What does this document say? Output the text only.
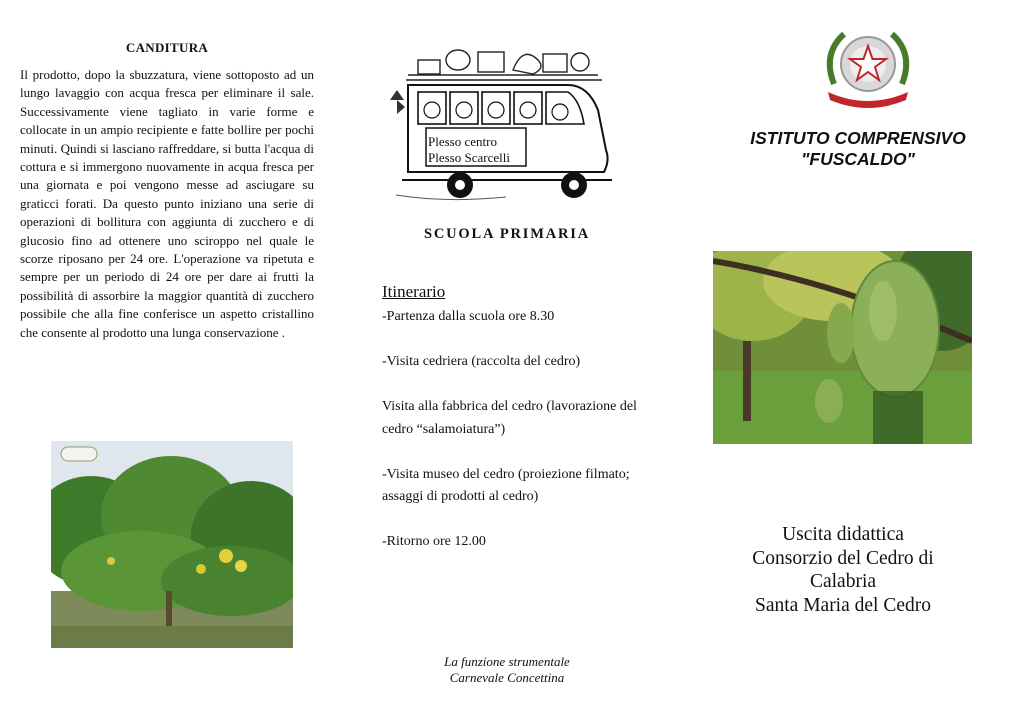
CANDITURA
Il prodotto, dopo la sbuzzatura, viene sottoposto ad un lungo lavaggio con acqua fresca per eliminare il sale. Successivamente viene tagliato in varie forme e collocate in un ampio recipiente e fatte bollire per pochi minuti. Quindi si lasciano raffreddare, si butta l'acqua di cottura e si immergono nuovamente in acqua fresca per una giornata e poi vengono messe ad asciugare su graticci forati. Da questo punto iniziano una serie di operazioni di bollitura con aggiunta di zucchero e di glucosio fino ad ottenere uno sciroppo nel quale le scorze riposano per 24 ore. L'operazione va ripetuta e sempre per un periodo di 24 ore per dare ai frutti la possibilità di assorbire la maggior quantità di zucchero possibile che alla fine conferisce un aspetto cristallino che consente al prodotto una lunga conservazione .
Plesso centro
Plesso Scarcelli
SCUOLA PRIMARIA
Itinerario

-Partenza dalla scuola ore 8.30

-Visita cedriera (raccolta del cedro)

Visita alla fabbrica del cedro (lavorazione del cedro “salamoiatura”)

-Visita museo del cedro (proiezione filmato; assaggi di prodotti al cedro)

-Ritorno ore 12.00

La funzione strumentale
Carnevale Concettina
ISTITUTO COMPRENSIVO
"FUSCALDO"
Uscita didattica
Consorzio del Cedro di
Calabria
Santa Maria del Cedro
